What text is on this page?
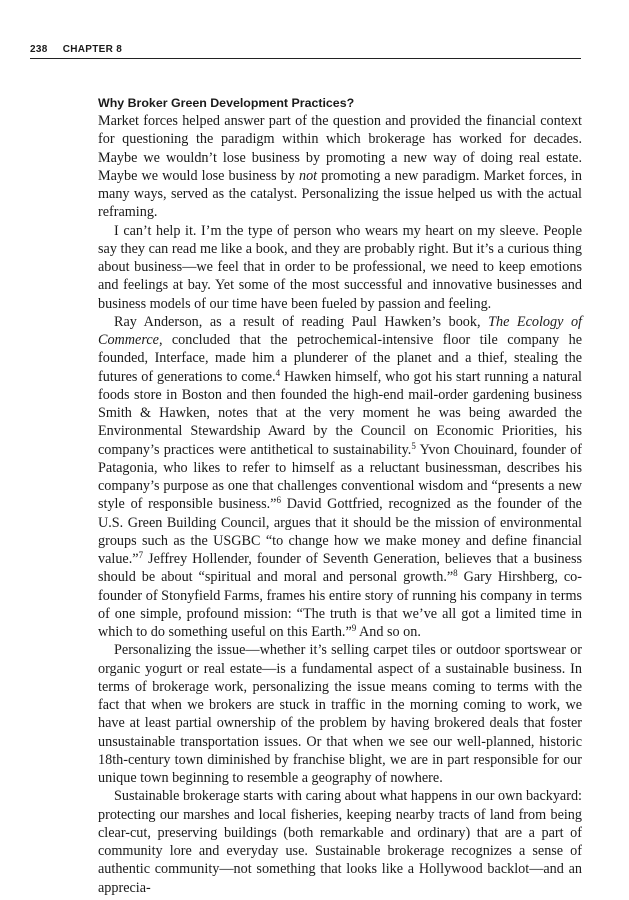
238 CHAPTER 8
Why Broker Green Development Practices?

Market forces helped answer part of the question and provided the financial context for questioning the paradigm within which brokerage has worked for decades. Maybe we wouldn’t lose business by promoting a new way of doing real estate. Maybe we would lose business by not promoting a new paradigm. Market forces, in many ways, served as the catalyst. Personalizing the issue helped us with the actual reframing.

I can’t help it. I’m the type of person who wears my heart on my sleeve. People say they can read me like a book, and they are probably right. But it’s a curious thing about business—we feel that in order to be professional, we need to keep emotions and feelings at bay. Yet some of the most successful and innovative businesses and business models of our time have been fueled by passion and feeling.

Ray Anderson, as a result of reading Paul Hawken’s book, The Ecology of Commerce, concluded that the petrochemical-intensive floor tile company he founded, Interface, made him a plunderer of the planet and a thief, stealing the futures of generations to come.$^4$ Hawken himself, who got his start running a natural foods store in Boston and then founded the high-end mail-order gardening business Smith & Hawken, notes that at the very moment he was being awarded the Environmental Stewardship Award by the Council on Economic Priorities, his company’s practices were antithetical to sustainability.$^5$ Yvon Chouinard, founder of Patagonia, who likes to refer to himself as a reluctant businessman, describes his company’s purpose as one that challenges conventional wisdom and “presents a new style of responsible business.”$^6$ David Gottfried, recognized as the founder of the U.S. Green Building Council, argues that it should be the mission of environmental groups such as the USGBC “to change how we make money and define financial value.”$^7$ Jeffrey Hollender, founder of Seventh Generation, believes that a business should be about “spiritual and moral and personal growth.”$^8$ Gary Hirshberg, co-founder of Stonyfield Farms, frames his entire story of running his company in terms of one simple, profound mission: “The truth is that we’ve all got a limited time in which to do something useful on this Earth.”$^9$ And so on.

Personalizing the issue—whether it’s selling carpet tiles or outdoor sportswear or organic yogurt or real estate—is a fundamental aspect of a sustainable business. In terms of brokerage work, personalizing the issue means coming to terms with the fact that when we brokers are stuck in traffic in the morning coming to work, we have at least partial ownership of the problem by having brokered deals that foster unsustainable transportation issues. Or that when we see our well-planned, historic 18th-century town diminished by franchise blight, we are in part responsible for our unique town beginning to resemble a geography of nowhere.

Sustainable brokerage starts with caring about what happens in our own backyard: protecting our marshes and local fisheries, keeping nearby tracts of land from being clear-cut, preserving buildings (both remarkable and ordinary) that are a part of community lore and everyday use. Sustainable brokerage recognizes a sense of authentic community—not something that looks like a Hollywood backlot—and an apprecia-
